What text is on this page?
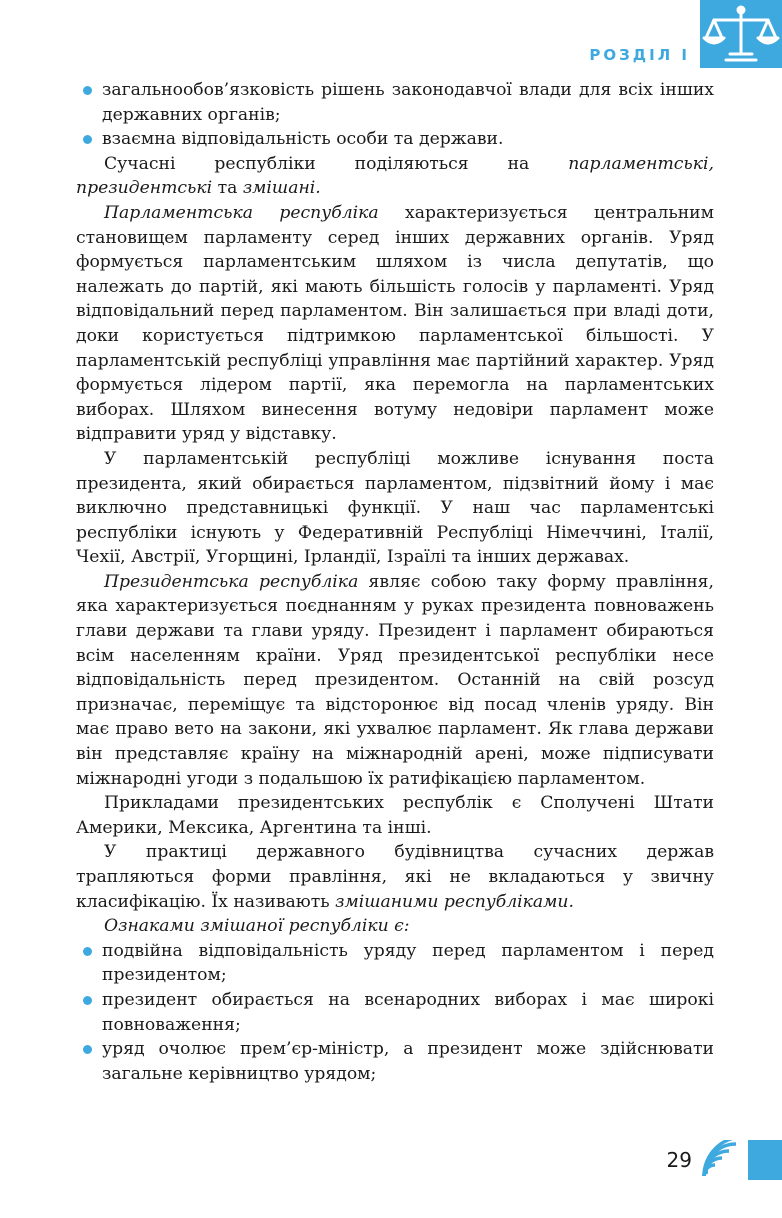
РОЗДІЛ І
загальнообов’язковість рішень законодавчої влади для всіх інших державних органів;
взаємна відповідальність особи та держави.

Сучасні республіки поділяються на парламентські, президентські та змішані.

Парламентська республіка характеризується центральним становищем парламенту серед інших державних органів. Уряд формується парламентським шляхом із числа депутатів, що належать до партій, які мають більшість голосів у парламенті. Уряд відповідальний перед парламентом. Він залишається при владі доти, доки користується підтримкою парламентської більшості. У парламентській республіці управління має партійний характер. Уряд формується лідером партії, яка перемогла на парламентських виборах. Шляхом винесення вотуму недовіри парламент може відправити уряд у відставку.

У парламентській республіці можливе існування поста президента, який обирається парламентом, підзвітний йому і має виключно представницькі функції. У наш час парламентські республіки існують у Федеративній Республіці Німеччині, Італії, Чехії, Австрії, Угорщині, Ірландії, Ізраїлі та інших державах.

Президентська республіка являє собою таку форму правління, яка характеризується поєднанням у руках президента повноважень глави держави та глави уряду. Президент і парламент обираються всім населенням країни. Уряд президентської республіки несе відповідальність перед президентом. Останній на свій розсуд призначає, переміщує та відсторонює від посад членів уряду. Він має право вето на закони, які ухвалює парламент. Як глава держави він представляє країну на міжнародній арені, може підписувати міжнародні угоди з подальшою їх ратифікацією парламентом.

Прикладами президентських республік є Сполучені Штати Америки, Мексика, Аргентина та інші.

У практиці державного будівництва сучасних держав трапляються форми правління, які не вкладаються у звичну класифікацію. Їх називають змішаними республіками.

Ознаками змішаної республіки є:

подвійна відповідальність уряду перед парламентом і перед президентом;
президент обирається на всенародних виборах і має широкі повноваження;
уряд очолює прем’єр-міністр, а президент може здійснювати загальне керівництво урядом;
29
